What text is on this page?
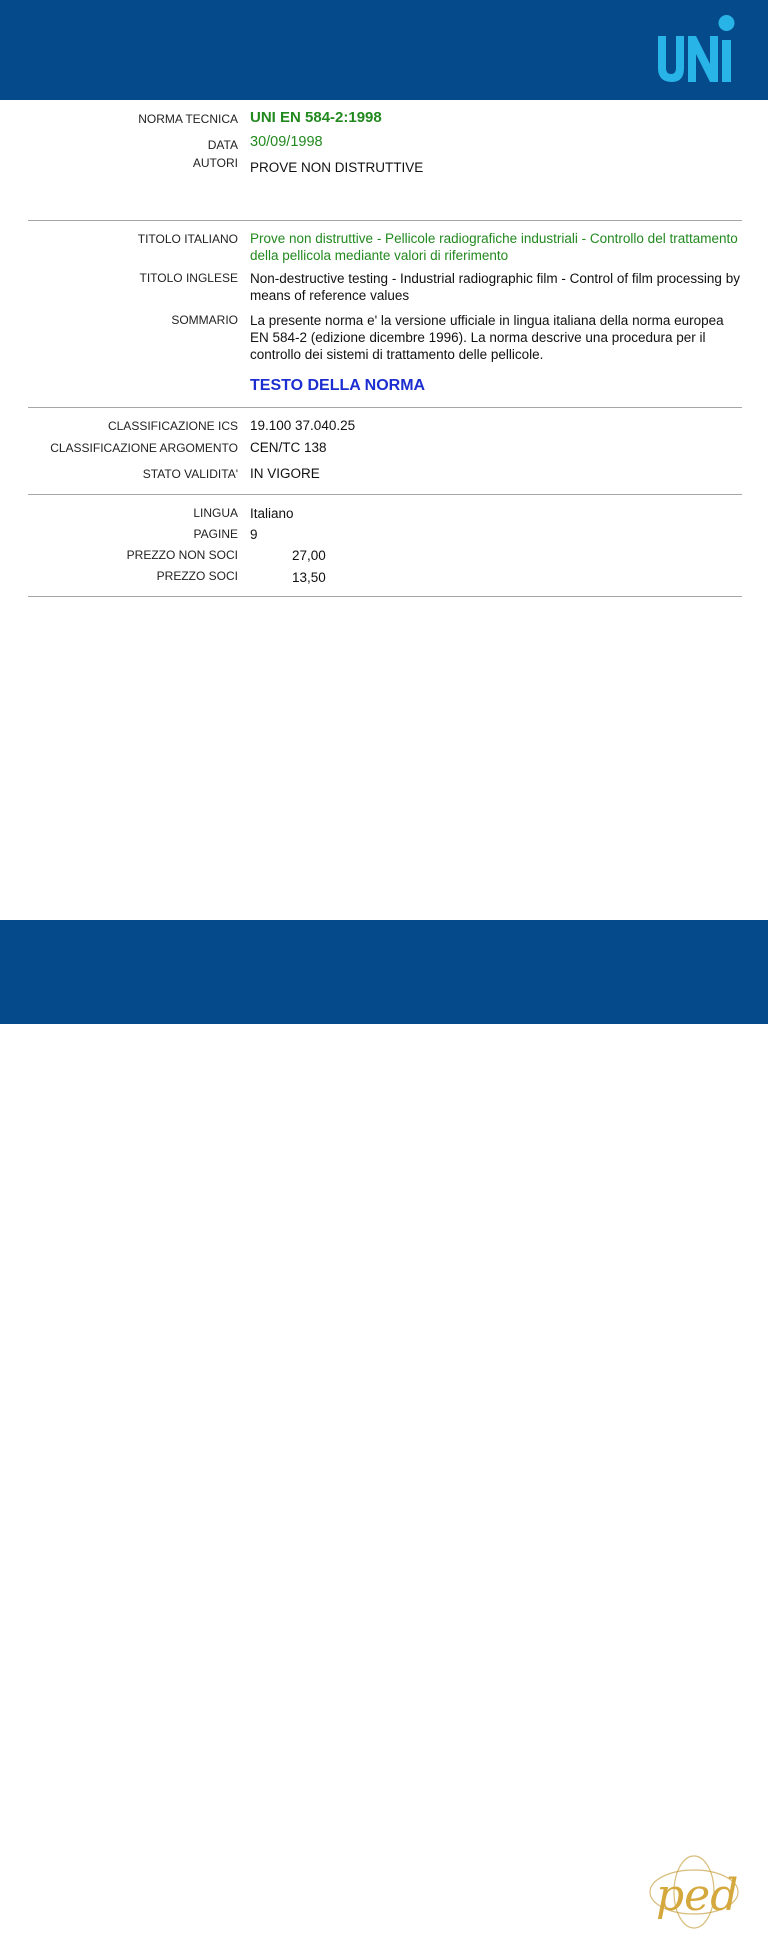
UNI
NORMA TECNICA UNI EN 584-2:1998
DATA 30/09/1998
AUTORI PROVE NON DISTRUTTIVE
TITOLO ITALIANO Prove non distruttive - Pellicole radiografiche industriali - Controllo del trattamento della pellicola mediante valori di riferimento
TITOLO INGLESE Non-destructive testing - Industrial radiographic film - Control of film processing by means of reference values
SOMMARIO La presente norma e' la versione ufficiale in lingua italiana della norma europea EN 584-2 (edizione dicembre 1996). La norma descrive una procedura per il controllo dei sistemi di trattamento delle pellicole.
TESTO DELLA NORMA
CLASSIFICAZIONE ICS 19.100 37.040.25
CLASSIFICAZIONE ARGOMENTO CEN/TC 138
STATO VALIDITA' IN VIGORE
LINGUA Italiano
PAGINE 9
PREZZO NON SOCI	27,00
PREZZO SOCI	13,50
ped
